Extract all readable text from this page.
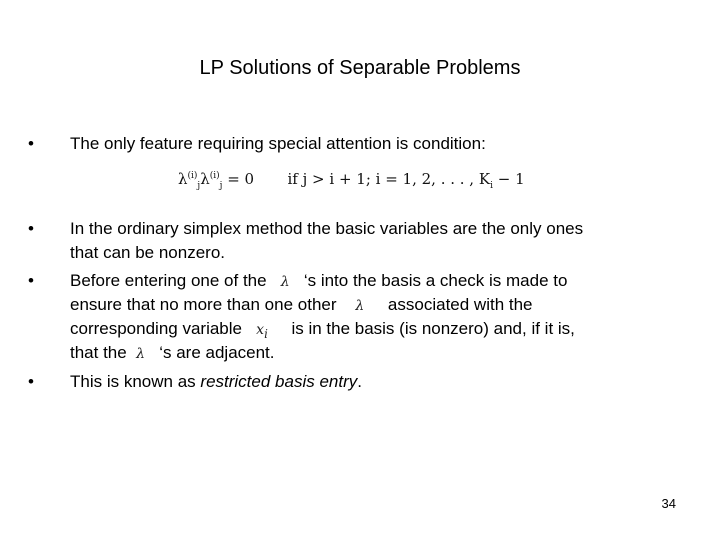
LP Solutions of Separable Problems
•	The only feature requiring special attention is condition:
$\lambda^{(i)}_j\lambda^{(i)}_j = 0$ if j > i + 1; i = 1, 2, . . . , $K_i - 1$
•	In the ordinary simplex method the basic variables are the only ones
that can be nonzero.
•	Before entering one of the λ ‘s into the basis a check is made to
ensure that no more than one other λ associated with the
corresponding variable $x_i$ is in the basis (is nonzero) and, if it is,
that the λ ‘s are adjacent.
•	This is known as restricted basis entry.
34
